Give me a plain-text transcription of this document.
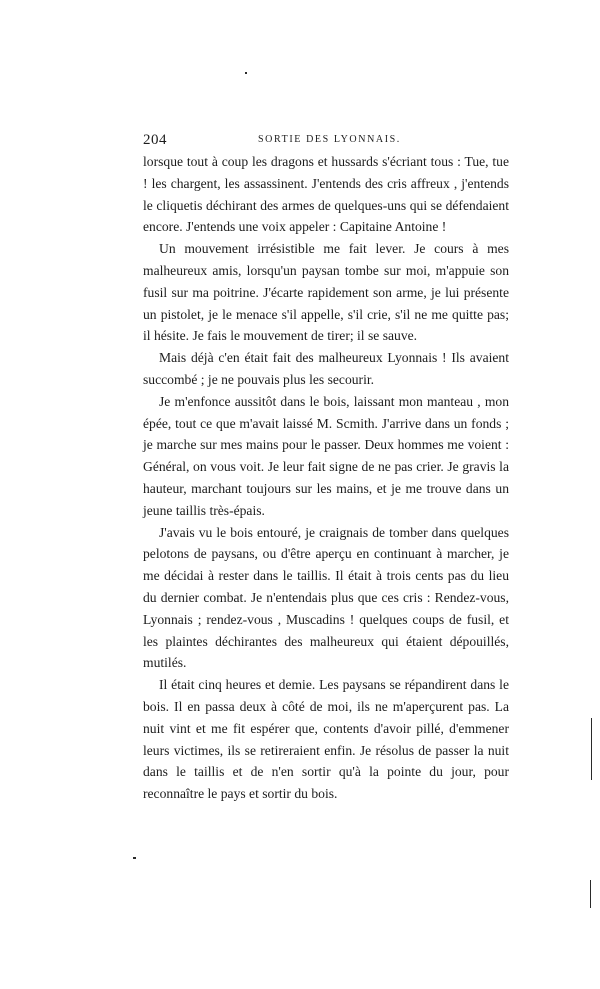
204	SORTIE DES LYONNAIS.

lorsque tout à coup les dragons et hussards s'écriant tous : Tue, tue ! les chargent, les assassinent. J'entends des cris affreux , j'entends le cliquetis déchirant des armes de quelques-uns qui se défendaient encore. J'entends une voix appeler : Capitaine Antoine !

Un mouvement irrésistible me fait lever. Je cours à mes malheureux amis, lorsqu'un paysan tombe sur moi, m'appuie son fusil sur ma poitrine. J'écarte rapidement son arme, je lui présente un pistolet, je le menace s'il appelle, s'il crie, s'il ne me quitte pas; il hésite. Je fais le mouvement de tirer; il se sauve.

Mais déjà c'en était fait des malheureux Lyonnais ! Ils avaient succombé ; je ne pouvais plus les secourir.

Je m'enfonce aussitôt dans le bois, laissant mon manteau , mon épée, tout ce que m'avait laissé M. Scmith. J'arrive dans un fonds ; je marche sur mes mains pour le passer. Deux hommes me voient : Général, on vous voit. Je leur fait signe de ne pas crier. Je gravis la hauteur, marchant toujours sur les mains, et je me trouve dans un jeune taillis très-épais.

J'avais vu le bois entouré, je craignais de tomber dans quelques pelotons de paysans, ou d'être aperçu en continuant à marcher, je me décidai à rester dans le taillis. Il était à trois cents pas du lieu du dernier combat. Je n'entendais plus que ces cris : Rendez-vous, Lyonnais ; rendez-vous , Muscadins ! quelques coups de fusil, et les plaintes déchirantes des malheureux qui étaient dépouillés, mutilés.

Il était cinq heures et demie. Les paysans se répandirent dans le bois. Il en passa deux à côté de moi, ils ne m'aperçurent pas. La nuit vint et me fit espérer que, contents d'avoir pillé, d'emmener leurs victimes, ils se retireraient enfin. Je résolus de passer la nuit dans le taillis et de n'en sortir qu'à la pointe du jour, pour reconnaître le pays et sortir du bois.
